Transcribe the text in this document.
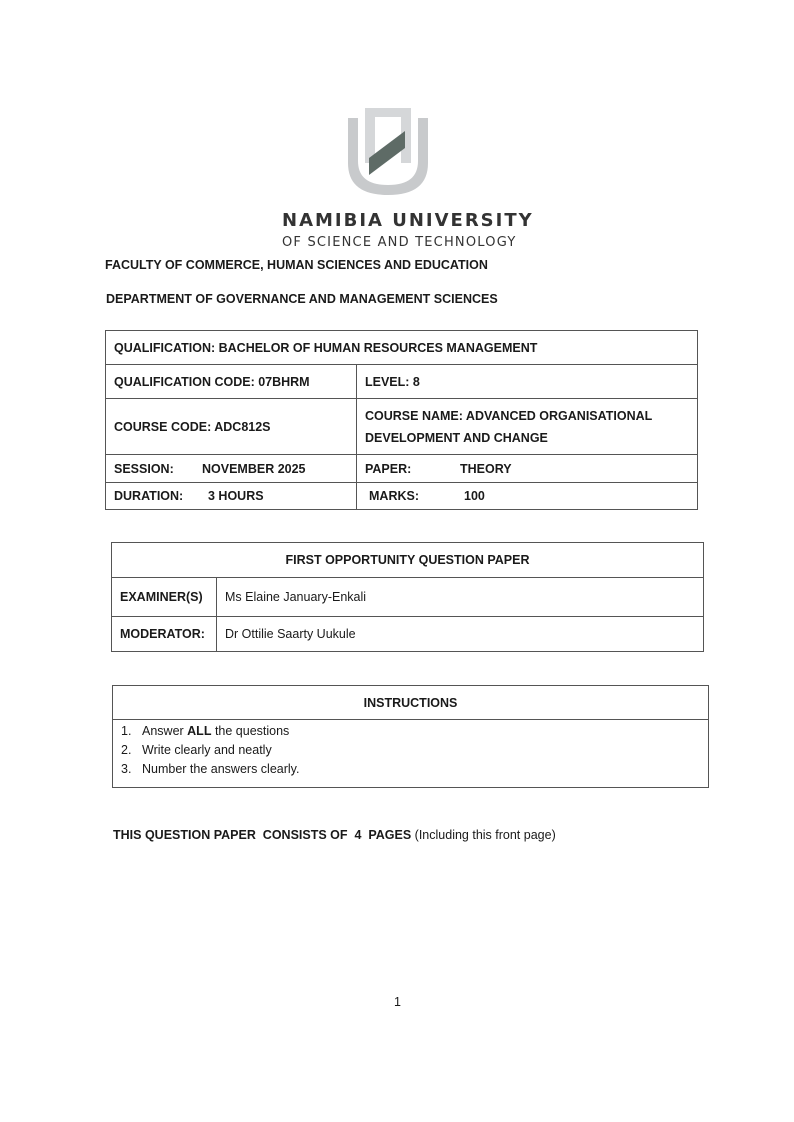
NAMIBIA UNIVERSITY
OF SCIENCE AND TECHNOLOGY
FACULTY OF COMMERCE, HUMAN SCIENCES AND EDUCATION
DEPARTMENT OF GOVERNANCE AND MANAGEMENT SCIENCES
QUALIFICATION: BACHELOR OF HUMAN RESOURCES MANAGEMENT	
QUALIFICATION CODE: 07BHRM	LEVEL: 8
COURSE CODE: ADC812S	COURSE NAME: ADVANCED ORGANISATIONAL
DEVELOPMENT AND CHANGE

SESSION: NOVEMBER 2025	PAPER: THEORY
DURATION: 3 HOURS	MARKS: 100
FIRST OPPORTUNITY QUESTION PAPER	
EXAMINER(S)	Ms Elaine January-Enkali
MODERATOR:	Dr Ottilie Saarty Uukule
INSTRUCTIONS

1. Answer ALL the questions
2. Write clearly and neatly
3. Number the answers clearly.
THIS QUESTION PAPER  CONSISTS OF  4  PAGES (Including this front page)
1
